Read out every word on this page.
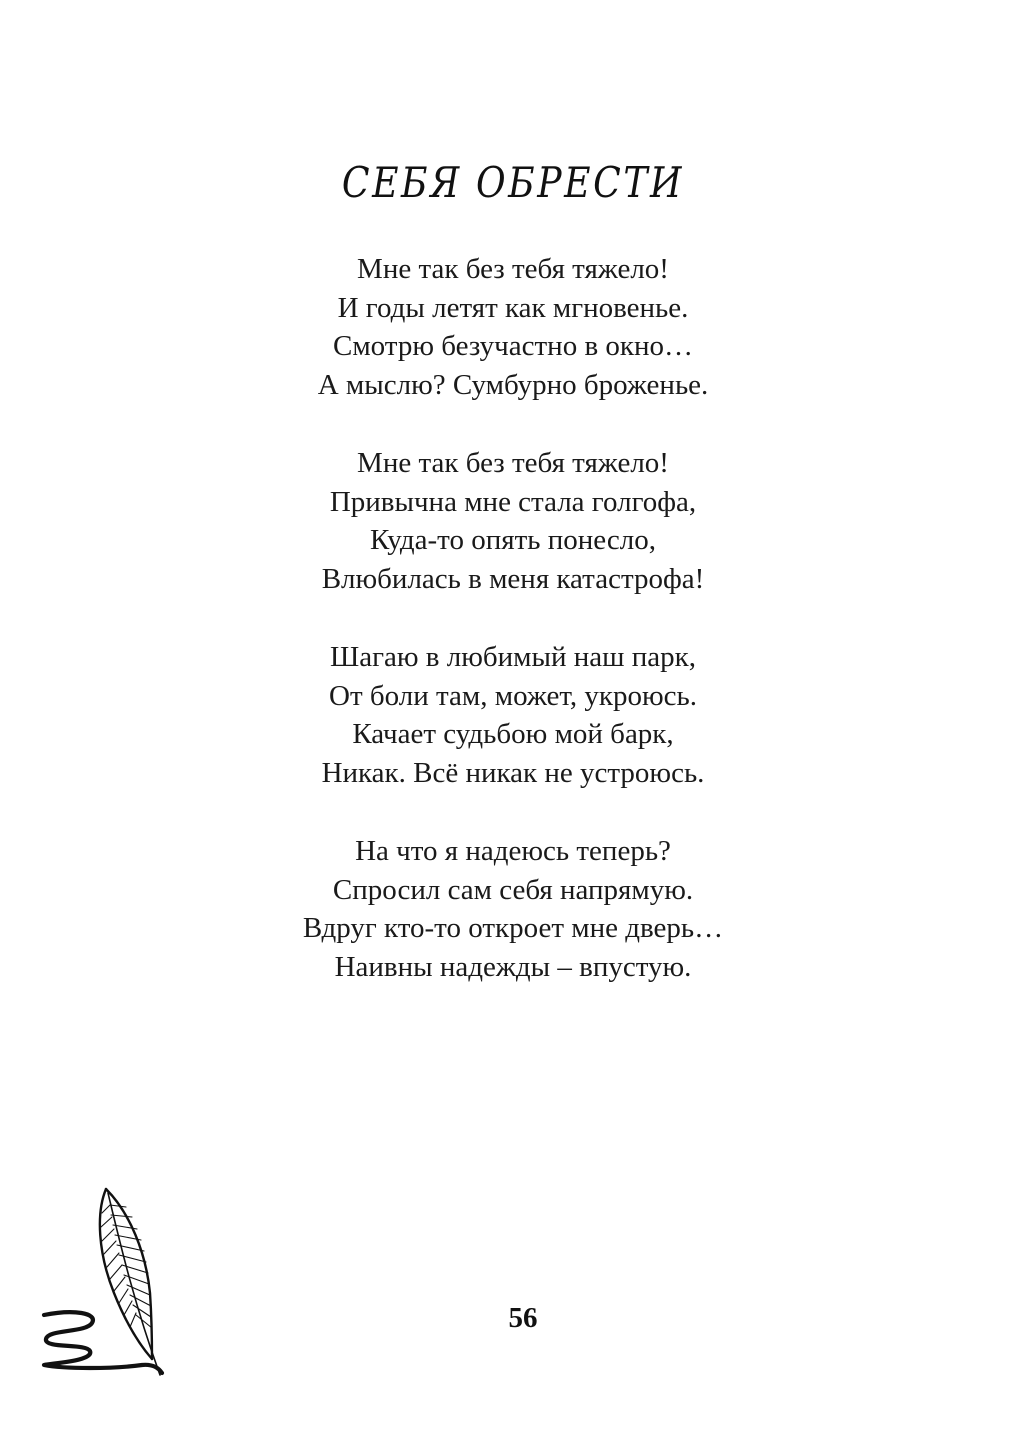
СЕБЯ ОБРЕСТИ
Мне так без тебя тяжело!
И годы летят как мгновенье.
Смотрю безучастно в окно…
А мыслю? Сумбурно броженье.
Мне так без тебя тяжело!
Привычна мне стала голгофа,
Куда-то опять понесло,
Влюбилась в меня катастрофа!
Шагаю в любимый наш парк,
От боли там, может, укроюсь.
Качает судьбою мой барк,
Никак. Всё никак не устроюсь.
На что я надеюсь теперь?
Спросил сам себя напрямую.
Вдруг кто-то откроет мне дверь…
Наивны надежды – впустую.
56
